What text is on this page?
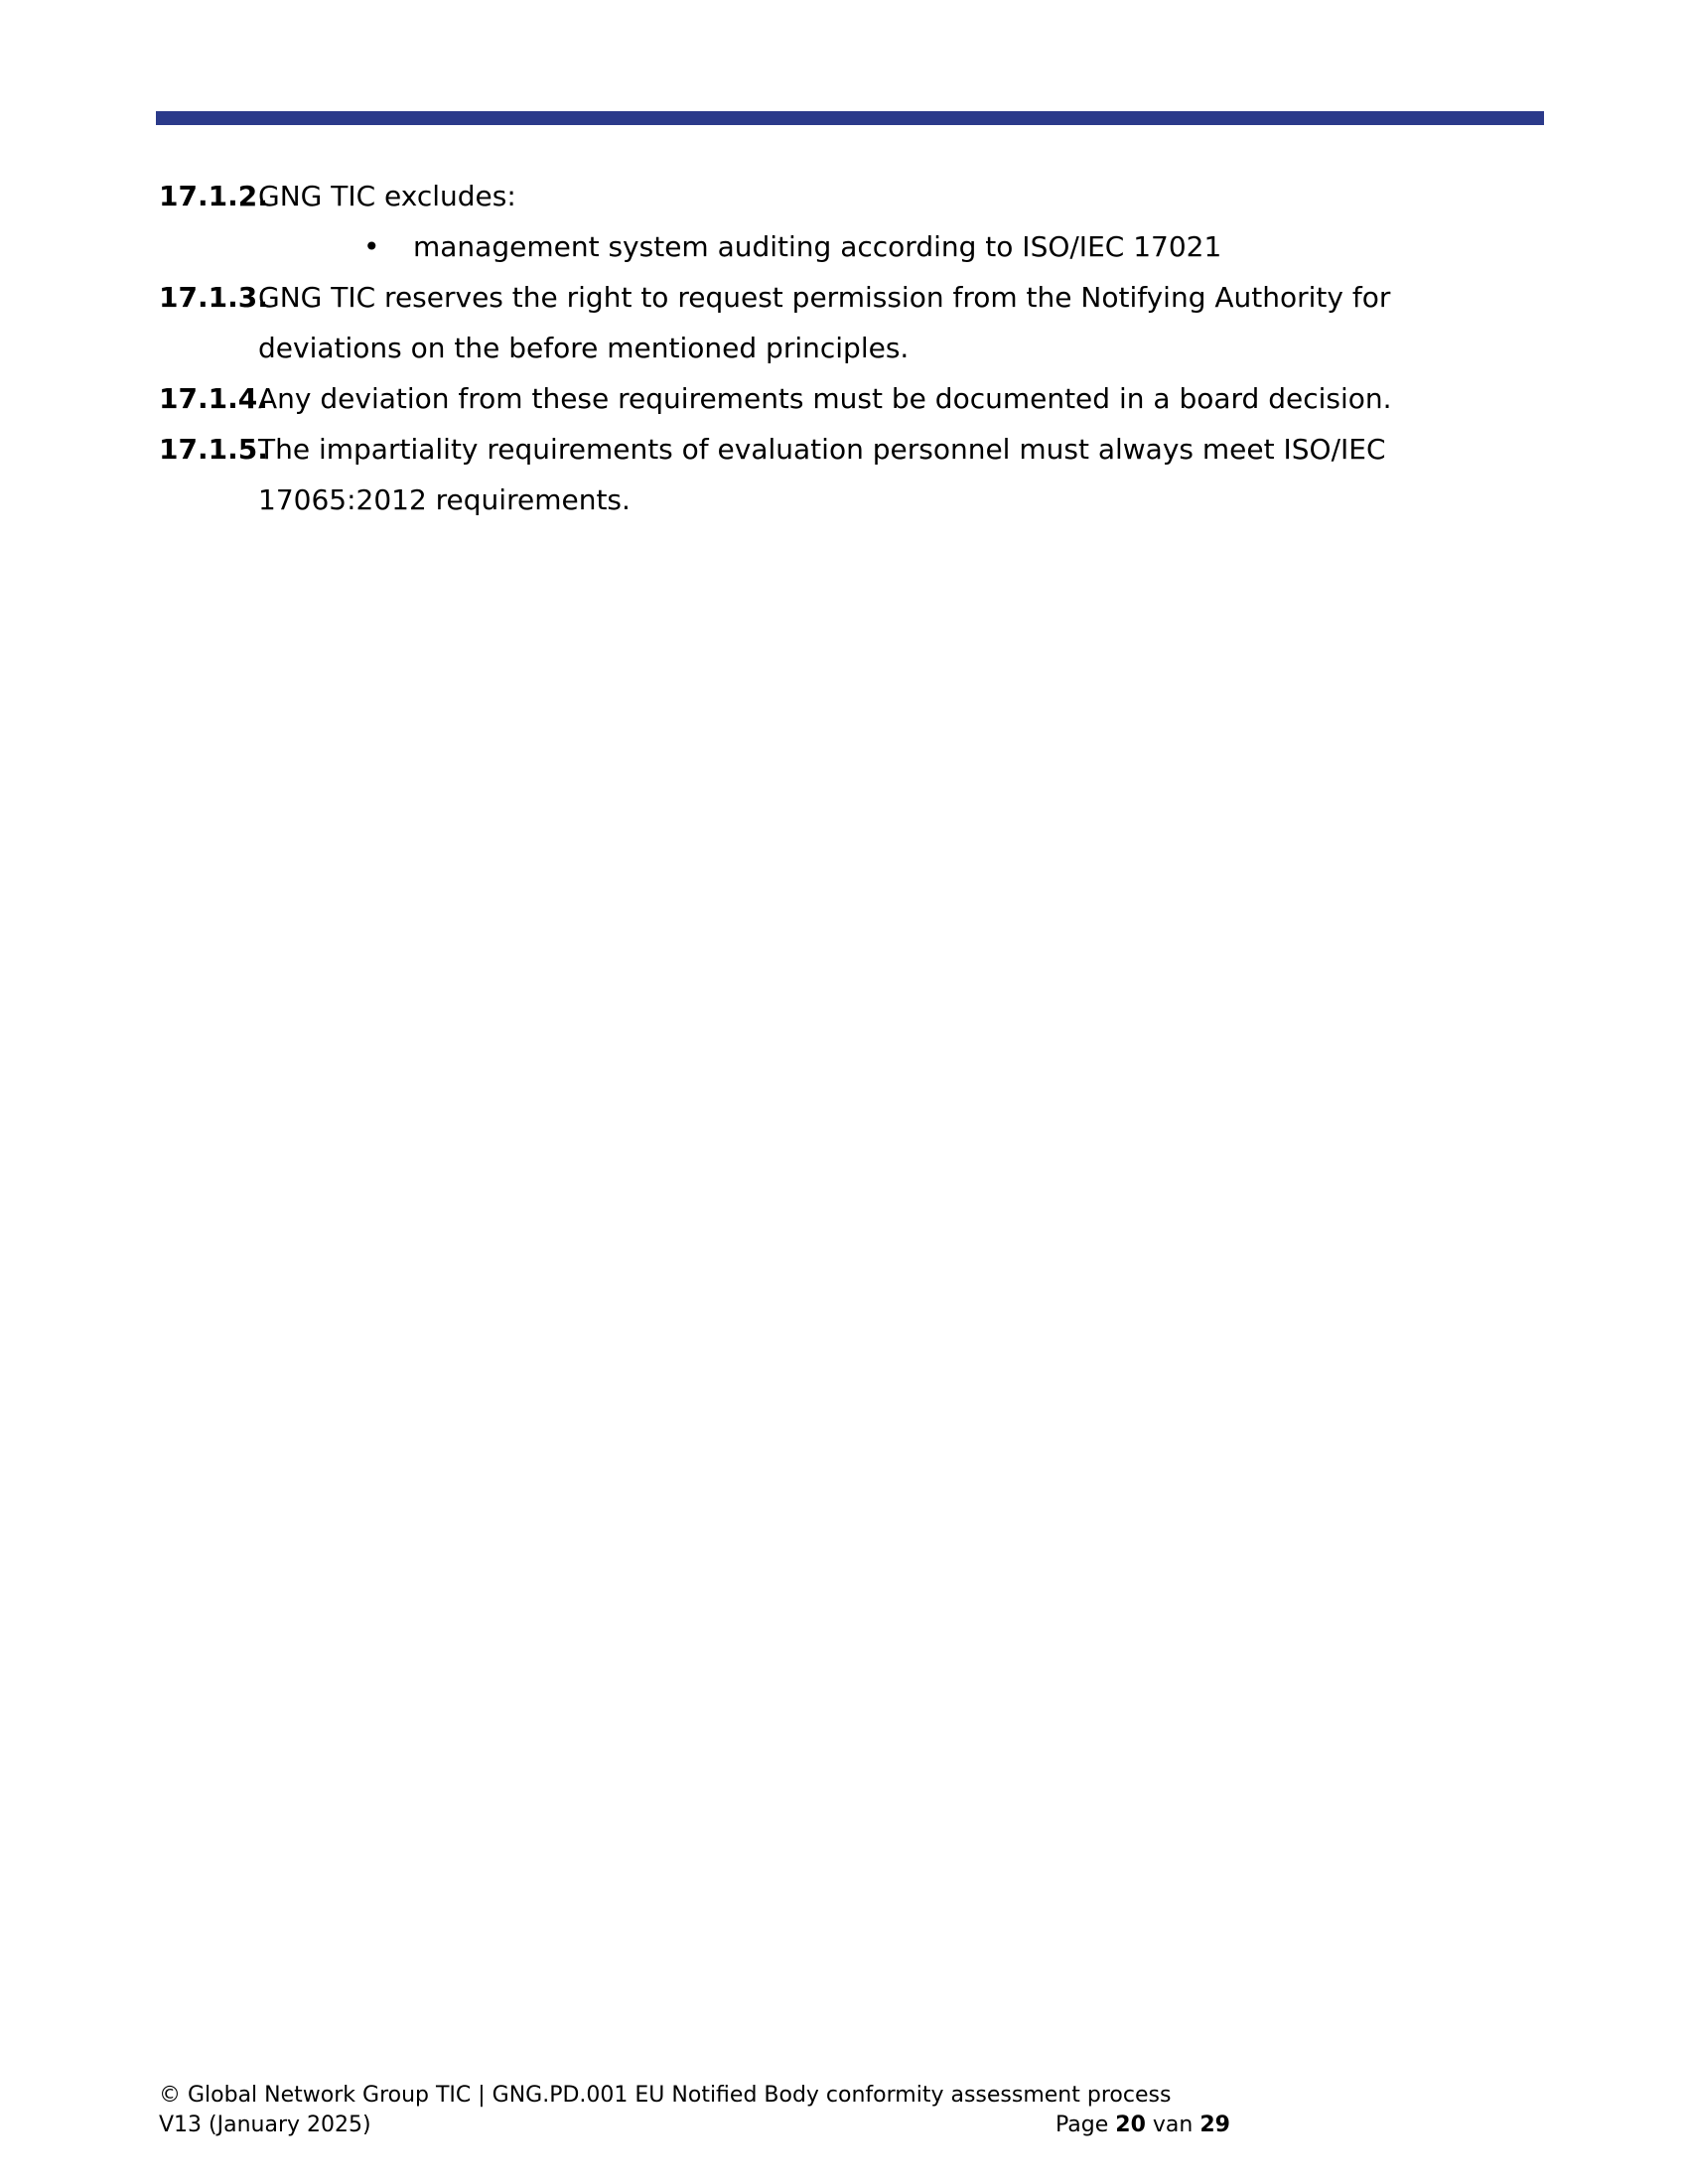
17.1.2.
GNG TIC excludes:
•	management system auditing according to ISO/IEC 17021
17.1.3.
GNG TIC reserves the right to request permission from the Notifying Authority for deviations on the before mentioned principles.
17.1.4.
Any deviation from these requirements must be documented in a board decision.
17.1.5.
The impartiality requirements of evaluation personnel must always meet ISO/IEC 17065:2012 requirements.
© Global Network Group TIC | GNG.PD.001 EU Notified Body conformity assessment process
V13 (January 2025)	Page 20 van 29
